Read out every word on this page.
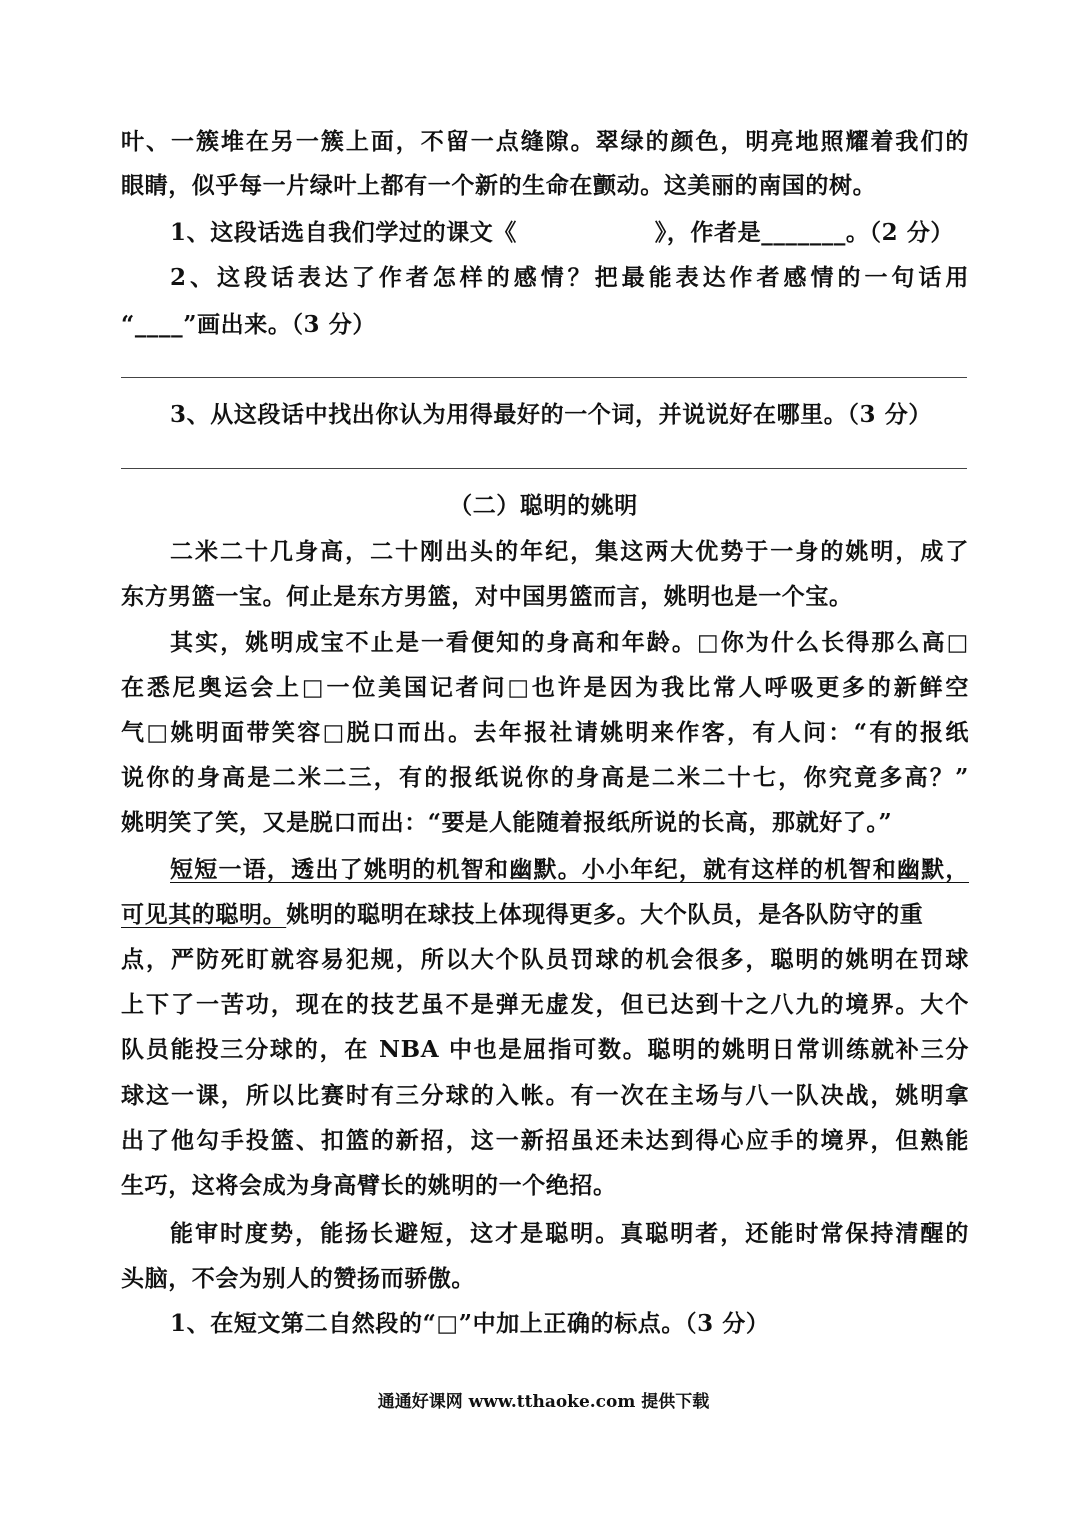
叶、一簇堆在另一簇上面，不留一点缝隙。翠绿的颜色，明亮地照耀着我们的
眼睛，似乎每一片绿叶上都有一个新的生命在颤动。这美丽的南国的树。
1、这段话选自我们学过的课文《                》，作者是_______。（2 分）
2、这段话表达了作者怎样的感情？把最能表达作者感情的一句话用
“____”画出来。（3 分）
3、从这段话中找出你认为用得最好的一个词，并说说好在哪里。（3 分）
（二）聪明的姚明
二米二十几身高，二十刚出头的年纪，集这两大优势于一身的姚明，成了
东方男篮一宝。何止是东方男篮，对中国男篮而言，姚明也是一个宝。
其实，姚明成宝不止是一看便知的身高和年龄。□你为什么长得那么高□
在悉尼奥运会上□一位美国记者问□也许是因为我比常人呼吸更多的新鲜空
气□姚明面带笑容□脱口而出。去年报社请姚明来作客，有人问：“有的报纸
说你的身高是二米二三，有的报纸说你的身高是二米二十七，你究竟多高？”
姚明笑了笑，又是脱口而出：“要是人能随着报纸所说的长高，那就好了。”
短短一语，透出了姚明的机智和幽默。小小年纪，就有这样的机智和幽默，
可见其的聪明。姚明的聪明在球技上体现得更多。大个队员，是各队防守的重
点，严防死盯就容易犯规，所以大个队员罚球的机会很多，聪明的姚明在罚球
上下了一苦功，现在的技艺虽不是弹无虚发，但已达到十之八九的境界。大个
队员能投三分球的，在 NBA 中也是屈指可数。聪明的姚明日常训练就补三分
球这一课，所以比赛时有三分球的入帐。有一次在主场与八一队决战，姚明拿
出了他勾手投篮、扣篮的新招，这一新招虽还未达到得心应手的境界，但熟能
生巧，这将会成为身高臂长的姚明的一个绝招。
能审时度势，能扬长避短，这才是聪明。真聪明者，还能时常保持清醒的
头脑，不会为别人的赞扬而骄傲。
1、在短文第二自然段的“□”中加上正确的标点。（3 分）
通通好课网 www.tthaoke.com 提供下载
